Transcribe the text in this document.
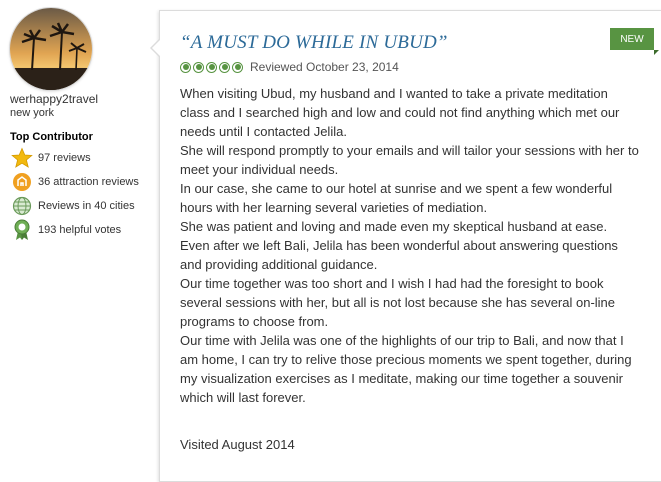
werhappy2travel
new york
Top Contributor
97 reviews
36 attraction reviews
Reviews in 40 cities
193 helpful votes
NEW
“A MUST DO WHILE IN UBUD”
Reviewed October 23, 2014

When visiting Ubud, my husband and I wanted to take a private meditation class and I searched high and low and could not find anything which met our needs until I contacted Jelila.

She will respond promptly to your emails and will tailor your sessions with her to meet your individual needs.

In our case, she came to our hotel at sunrise and we spent a few wonderful hours with her learning several varieties of mediation.

She was patient and loving and made even my skeptical husband at ease.

Even after we left Bali, Jelila has been wonderful about answering questions and providing additional guidance.

Our time together was too short and I wish I had had the foresight to book several sessions with her, but all is not lost because she has several on-line programs to choose from.

Our time with Jelila was one of the highlights of our trip to Bali, and now that I am home, I can try to relive those precious moments we spent together, during my visualization exercises as I meditate, making our time together a souvenir which will last forever.

Visited August 2014
